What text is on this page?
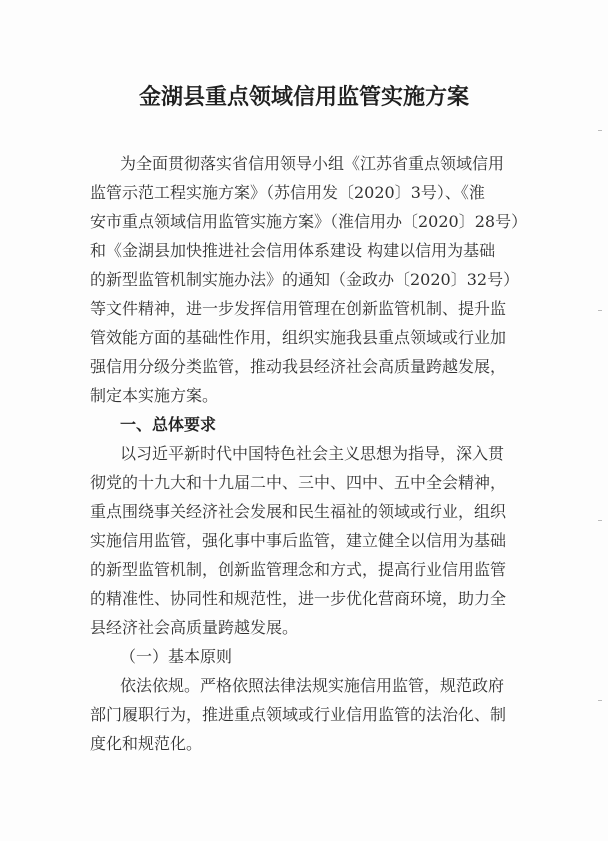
金湖县重点领域信用监管实施方案
为全面贯彻落实省信用领导小组《江苏省重点领域信用
监管示范工程实施方案》（苏信用发〔2020〕3号）、《淮
安市重点领域信用监管实施方案》（淮信用办〔2020〕28号）
和《金湖县加快推进社会信用体系建设 构建以信用为基础
的新型监管机制实施办法》的通知（金政办〔2020〕32号）
等文件精神，进一步发挥信用管理在创新监管机制、提升监
管效能方面的基础性作用，组织实施我县重点领域或行业加
强信用分级分类监管，推动我县经济社会高质量跨越发展，
制定本实施方案。
一、总体要求
以习近平新时代中国特色社会主义思想为指导，深入贯
彻党的十九大和十九届二中、三中、四中、五中全会精神，
重点围绕事关经济社会发展和民生福祉的领域或行业，组织
实施信用监管，强化事中事后监管，建立健全以信用为基础
的新型监管机制，创新监管理念和方式，提高行业信用监管
的精准性、协同性和规范性，进一步优化营商环境，助力全
县经济社会高质量跨越发展。
（一）基本原则
依法依规。严格依照法律法规实施信用监管，规范政府
部门履职行为，推进重点领域或行业信用监管的法治化、制
度化和规范化。
